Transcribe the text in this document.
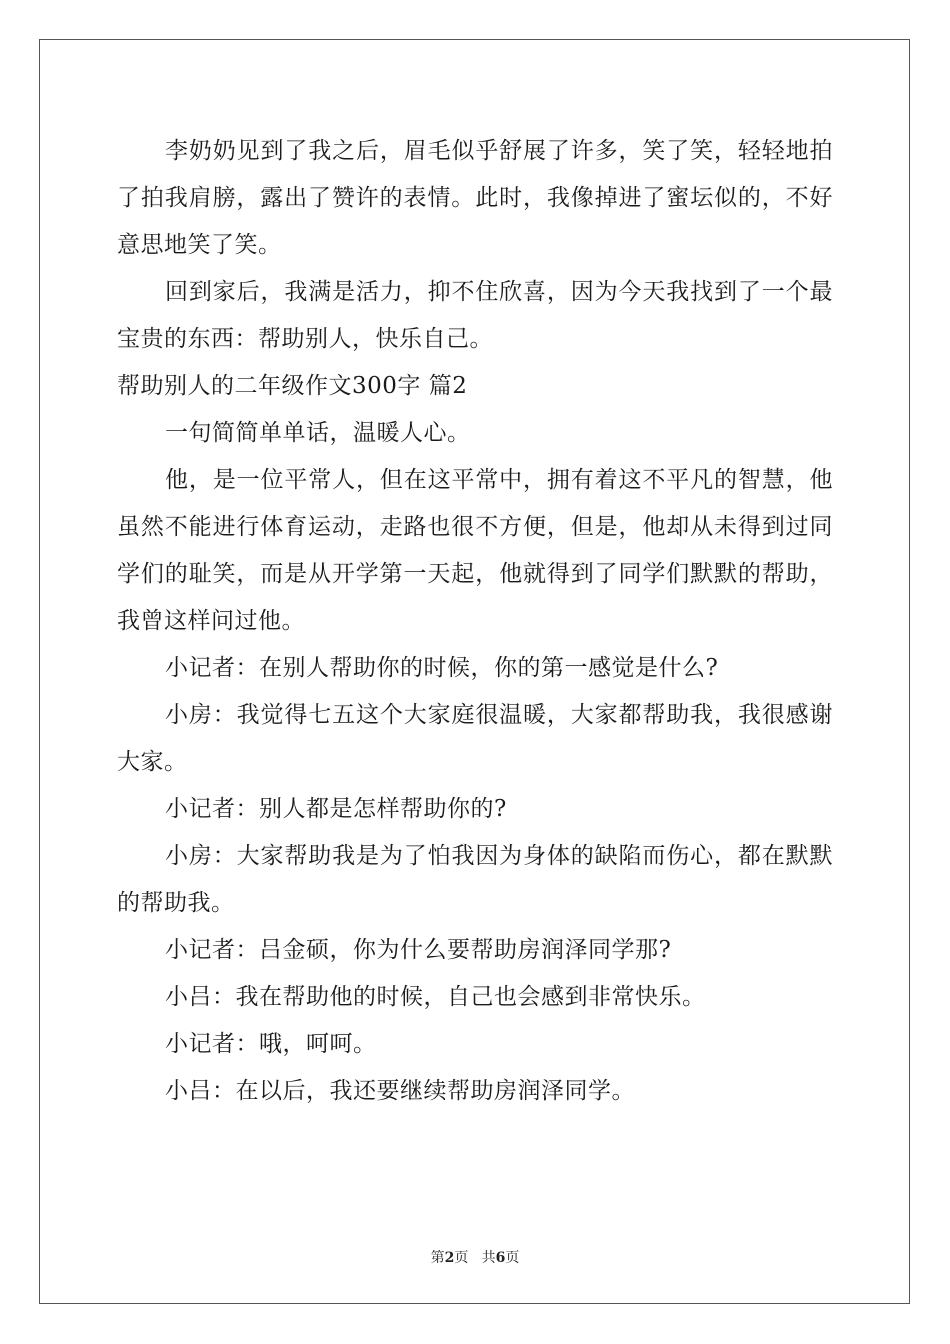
李奶奶见到了我之后，眉毛似乎舒展了许多，笑了笑，轻轻地拍了拍我肩膀，露出了赞许的表情。此时，我像掉进了蜜坛似的，不好意思地笑了笑。

回到家后，我满是活力，抑不住欣喜，因为今天我找到了一个最宝贵的东西：帮助别人，快乐自己。

帮助别人的二年级作文300字 篇2

一句简简单单话，温暖人心。

他，是一位平常人，但在这平常中，拥有着这不平凡的智慧，他虽然不能进行体育运动，走路也很不方便，但是，他却从未得到过同学们的耻笑，而是从开学第一天起，他就得到了同学们默默的帮助，我曾这样问过他。

小记者：在别人帮助你的时候，你的第一感觉是什么?

小房：我觉得七五这个大家庭很温暖，大家都帮助我，我很感谢大家。

小记者：别人都是怎样帮助你的?

小房：大家帮助我是为了怕我因为身体的缺陷而伤心，都在默默的帮助我。

小记者：吕金硕，你为什么要帮助房润泽同学那?

小吕：我在帮助他的时候，自己也会感到非常快乐。

小记者：哦，呵呵。

小吕：在以后，我还要继续帮助房润泽同学。

第2页 共6页
